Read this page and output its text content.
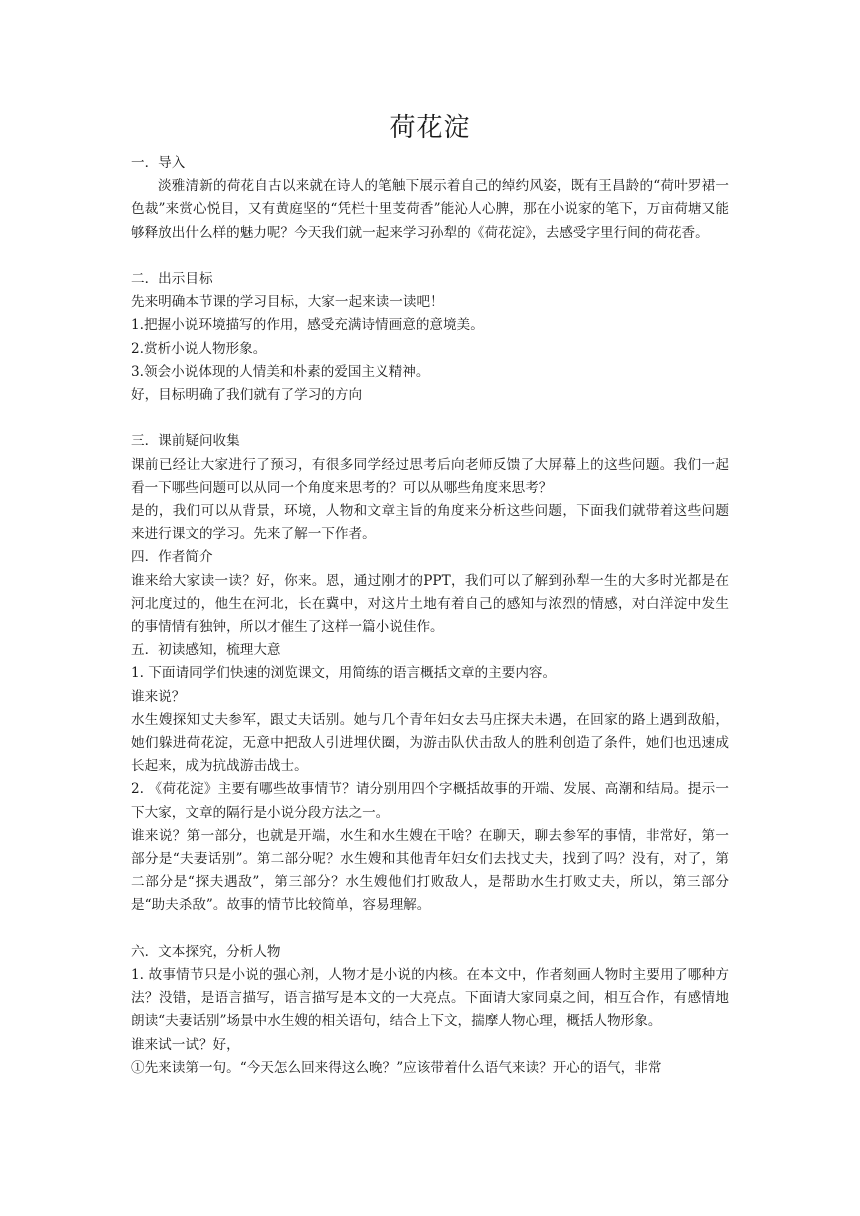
荷花淀

一．导入

淡雅清新的荷花自古以来就在诗人的笔触下展示着自己的绰约风姿，既有王昌龄的“荷叶罗裙一色裁”来赏心悦目，又有黄庭坚的“凭栏十里芰荷香”能沁人心脾，那在小说家的笔下，万亩荷塘又能够释放出什么样的魅力呢？今天我们就一起来学习孙犁的《荷花淀》，去感受字里行间的荷花香。

二．出示目标

先来明确本节课的学习目标，大家一起来读一读吧！

1.把握小说环境描写的作用，感受充满诗情画意的意境美。

2.赏析小说人物形象。

3.领会小说体现的人情美和朴素的爱国主义精神。

好，目标明确了我们就有了学习的方向

三．课前疑问收集

课前已经让大家进行了预习，有很多同学经过思考后向老师反馈了大屏幕上的这些问题。我们一起看一下哪些问题可以从同一个角度来思考的？可以从哪些角度来思考？

是的，我们可以从背景，环境，人物和文章主旨的角度来分析这些问题，下面我们就带着这些问题来进行课文的学习。先来了解一下作者。

四．作者简介

谁来给大家读一读？好，你来。恩，通过刚才的PPT，我们可以了解到孙犁一生的大多时光都是在河北度过的，他生在河北，长在冀中，对这片土地有着自己的感知与浓烈的情感，对白洋淀中发生的事情情有独钟，所以才催生了这样一篇小说佳作。

五．初读感知，梳理大意

1. 下面请同学们快速的浏览课文，用简练的语言概括文章的主要内容。

谁来说？

水生嫂探知丈夫参军，跟丈夫话别。她与几个青年妇女去马庄探夫未遇，在回家的路上遇到敌船，她们躲进荷花淀，无意中把敌人引进埋伏圈，为游击队伏击敌人的胜利创造了条件，她们也迅速成长起来，成为抗战游击战士。

2. 《荷花淀》主要有哪些故事情节？请分别用四个字概括故事的开端、发展、高潮和结局。提示一下大家，文章的隔行是小说分段方法之一。

谁来说？第一部分，也就是开端，水生和水生嫂在干啥？在聊天，聊去参军的事情，非常好，第一部分是“夫妻话别”。第二部分呢？水生嫂和其他青年妇女们去找丈夫，找到了吗？没有，对了，第二部分是“探夫遇敌”，第三部分？水生嫂他们打败敌人，是帮助水生打败丈夫，所以，第三部分是“助夫杀敌”。故事的情节比较简单，容易理解。

六．文本探究，分析人物

1. 故事情节只是小说的强心剂，人物才是小说的内核。在本文中，作者刻画人物时主要用了哪种方法？没错，是语言描写，语言描写是本文的一大亮点。下面请大家同桌之间，相互合作，有感情地朗读“夫妻话别”场景中水生嫂的相关语句，结合上下文，揣摩人物心理，概括人物形象。

谁来试一试？好，

①先来读第一句。“今天怎么回来得这么晚？”应该带着什么语气来读？开心的语气，非常
